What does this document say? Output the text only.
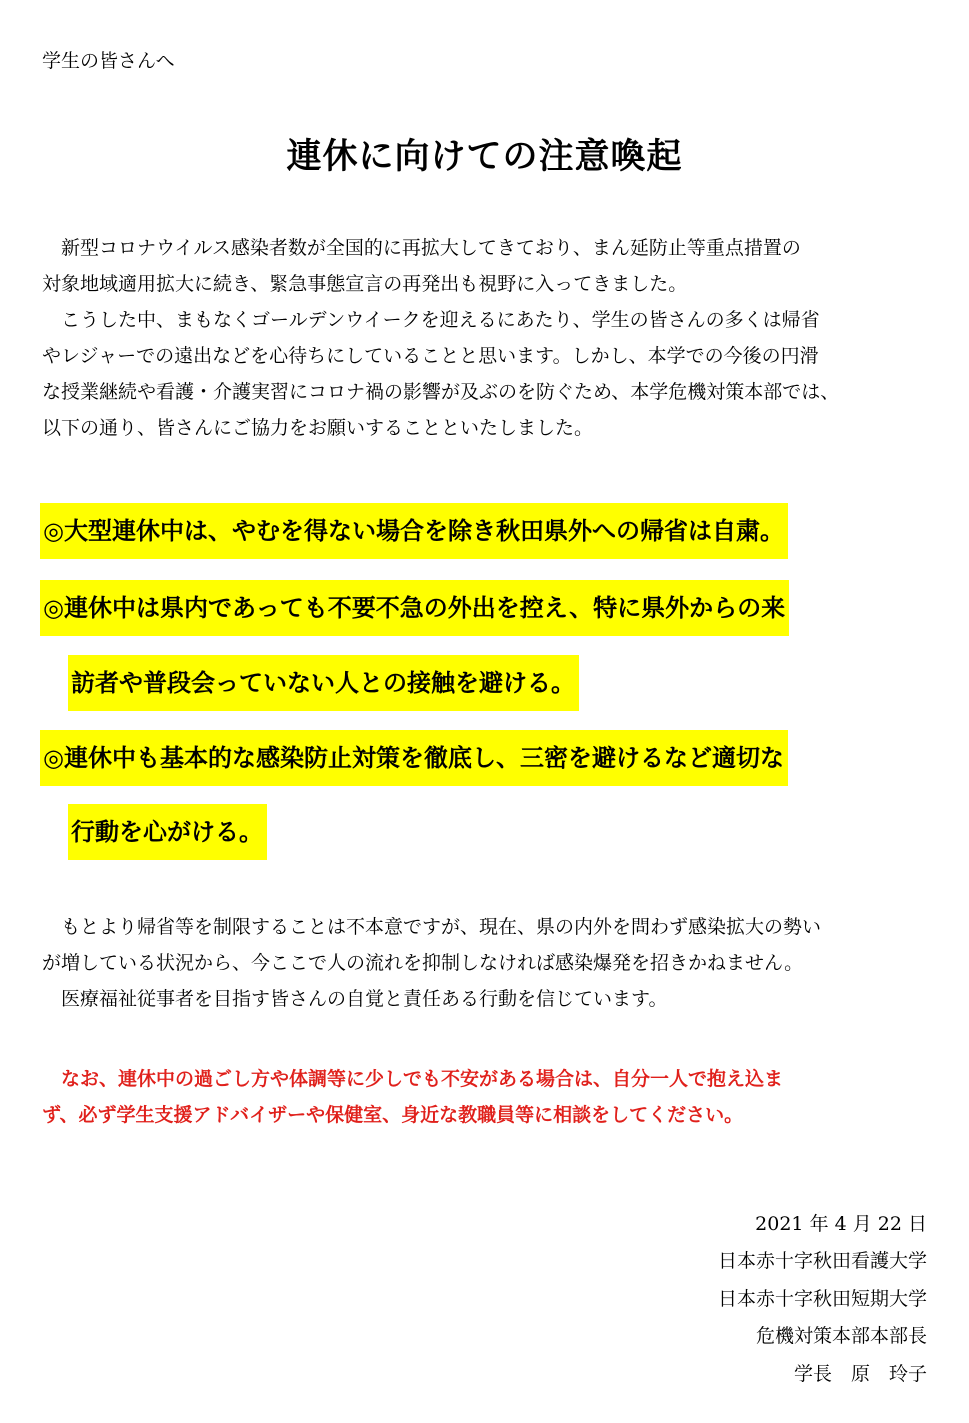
学生の皆さんへ
連休に向けての注意喚起
　新型コロナウイルス感染者数が全国的に再拡大してきており、まん延防止等重点措置の
対象地域適用拡大に続き、緊急事態宣言の再発出も視野に入ってきました。
　こうした中、まもなくゴールデンウイークを迎えるにあたり、学生の皆さんの多くは帰省
やレジャーでの遠出などを心待ちにしていることと思います。しかし、本学での今後の円滑
な授業継続や看護・介護実習にコロナ禍の影響が及ぶのを防ぐため、本学危機対策本部では、
以下の通り、皆さんにご協力をお願いすることといたしました。
◎大型連休中は、やむを得ない場合を除き秋田県外への帰省は自粛。
◎連休中は県内であっても不要不急の外出を控え、特に県外からの来
訪者や普段会っていない人との接触を避ける。
◎連休中も基本的な感染防止対策を徹底し、三密を避けるなど適切な
行動を心がける。
　もとより帰省等を制限することは不本意ですが、現在、県の内外を問わず感染拡大の勢い
が増している状況から、今ここで人の流れを抑制しなければ感染爆発を招きかねません。
　医療福祉従事者を目指す皆さんの自覚と責任ある行動を信じています。
　なお、連休中の過ごし方や体調等に少しでも不安がある場合は、自分一人で抱え込ま
ず、必ず学生支援アドバイザーや保健室、身近な教職員等に相談をしてください。
2021 年 4 月 22 日
日本赤十字秋田看護大学
日本赤十字秋田短期大学
危機対策本部本部長
学長　原　玲子
